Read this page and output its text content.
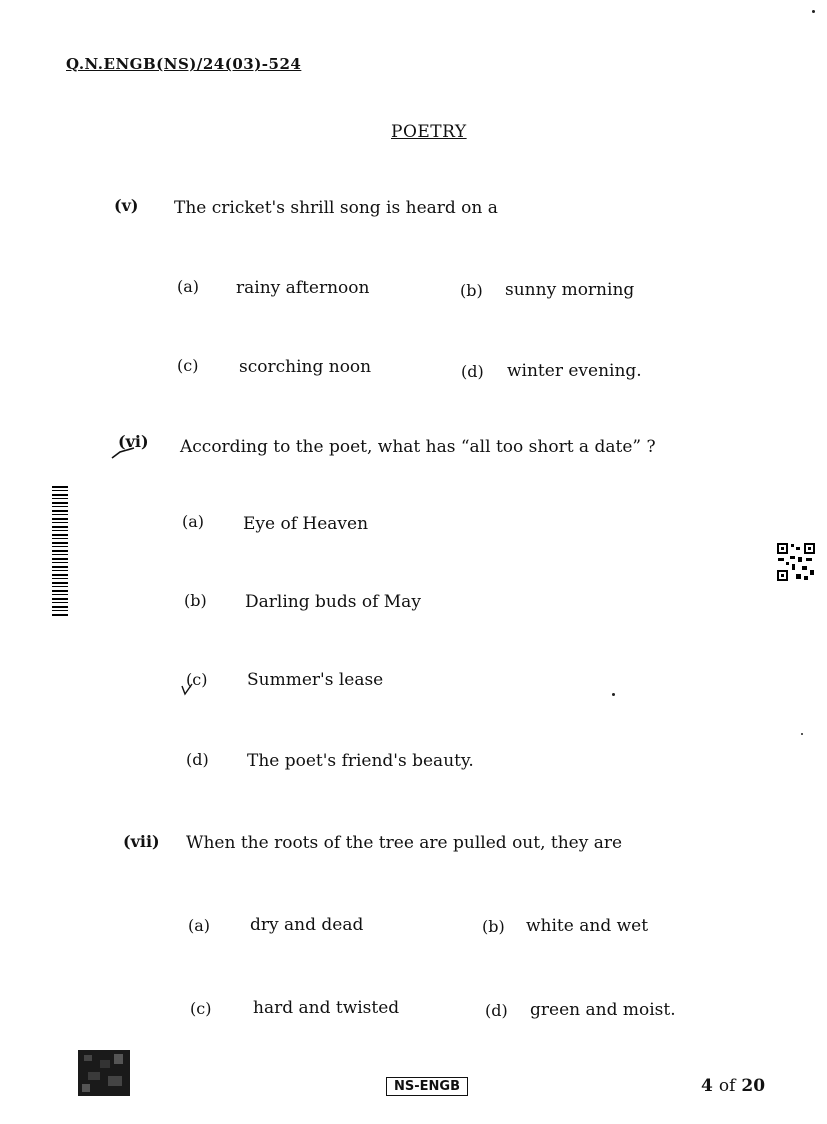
Q.N.ENGB(NS)/24(03)-524
POETRY
(v) The cricket's shrill song is heard on a
(a) rainy afternoon	(b) sunny morning
(c) scorching noon	(d) winter evening.
(vi) According to the poet, what has “all too short a date” ?
(a) Eye of Heaven
(b) Darling buds of May
(c) Summer's lease
(d) The poet's friend's beauty.
(vii) When the roots of the tree are pulled out, they are
(a) dry and dead	(b) white and wet
(c) hard and twisted	(d) green and moist.
NS-ENGB	4 of 20
